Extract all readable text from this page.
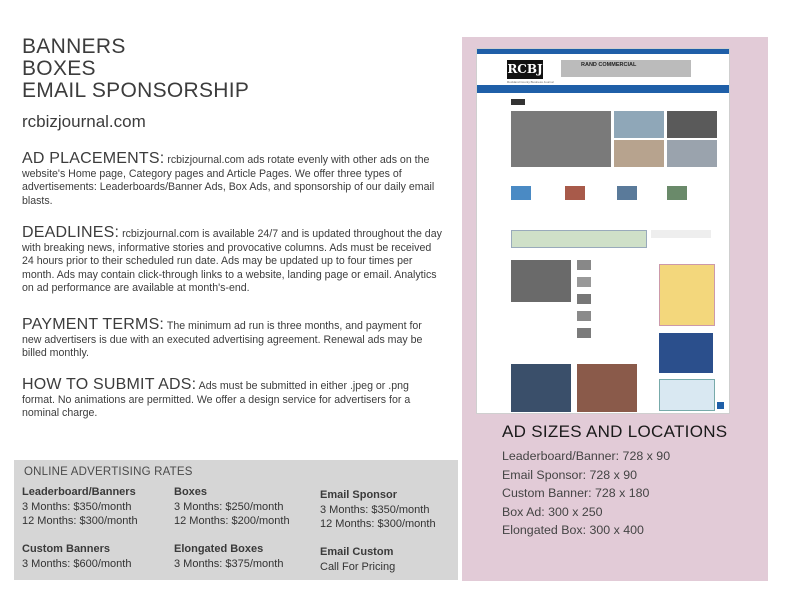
BANNERS
BOXES
EMAIL SPONSORSHIP
rcbizjournal.com
AD PLACEMENTS: rcbizjournal.com ads rotate evenly with other ads on the website's Home page, Category pages and Article Pages. We offer three types of advertisements: Leaderboards/Banner Ads, Box Ads, and sponsorship of our daily email blasts.
DEADLINES: rcbizjournal.com is available 24/7 and is updated throughout the day with breaking news, informative stories and provocative columns. Ads must be received 24 hours prior to their scheduled run date. Ads may be updated up to four times per month. Ads may contain click-through links to a website, landing page or email. Analytics on ad performance are available at month's-end.
PAYMENT TERMS: The minimum ad run is three months, and payment for new advertisers is due with an executed advertising agreement. Renewal ads may be billed monthly.
HOW TO SUBMIT ADS: Ads must be submitted in either .jpeg or .png format. No animations are permitted. We offer a design service for advertisers for a nominal charge.
ONLINE ADVERTISING RATES
Leaderboard/Banners
3 Months: $350/month
12 Months: $300/month
Boxes
3 Months: $250/month
12 Months: $200/month
Email Sponsor
3 Months: $350/month
12 Months: $300/month
Custom Banners
3 Months: $600/month
Elongated Boxes
3 Months: $375/month
Email Custom
Call For Pricing
RCBJ	RAND COMMERCIAL
Rockland County Business Journal
AD SIZES AND LOCATIONS
Leaderboard/Banner: 728 x 90
Email Sponsor: 728 x 90
Custom Banner: 728 x 180
Box Ad: 300 x 250
Elongated Box: 300 x 400
